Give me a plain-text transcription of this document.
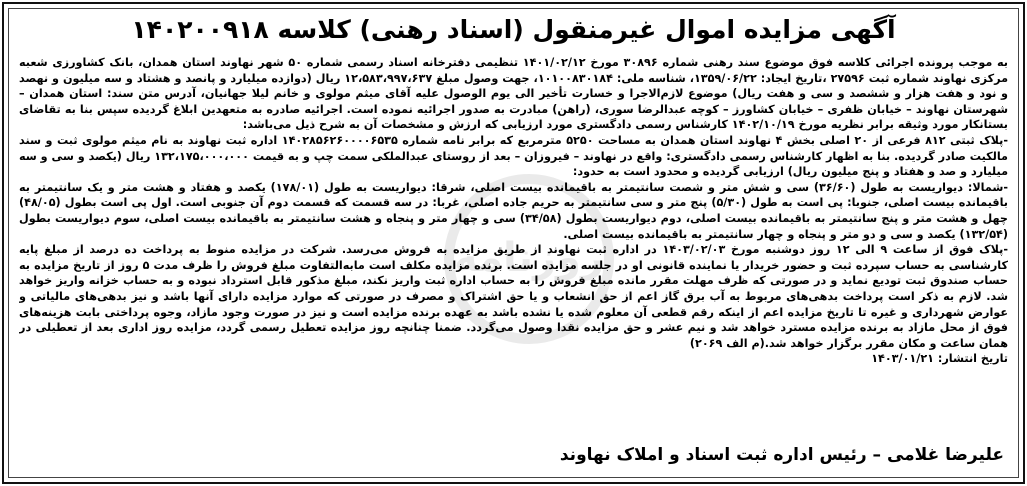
آگهی مزایده اموال غیرمنقول (اسناد رهنی) کلاسه ۱۴۰۲۰۰۹۱۸
روزنامه

به موجب پرونده اجرائی کلاسه فوق موضوع سند رهنی شماره ۳۰۸۹۶ مورخ ۱۴۰۱/۰۲/۱۲ تنظیمی دفترخانه اسناد رسمی شماره ۵۰ شهر نهاوند استان همدان، بانک کشاورزی شعبه مرکزی نهاوند شماره ثبت ۲۷۵۹۶ ،تاریخ ایجاد: ۱۳۵۹/۰۶/۲۲، شناسه ملی: ۱۰۱۰۰۸۳۰۱۸۴، جهت وصول مبلغ ۱۲،۵۸۳،۹۹۷،۶۳۷ ریال (دوازده میلیارد و پانصد و هشتاد و سه میلیون و نهصد و نود و هفت هزار و ششصد و سی و هفت ریال) موضوع لازم‌الاجرا و خسارت تأخیر الی یوم الوصول علیه آقای میثم مولوی و خانم لیلا جهانیان، آدرس متن سند: استان همدان – شهرستان نهاوند – خیابان ظفری – خیابان کشاورز – کوچه عبدالرضا سوری، (راهن) مبادرت به صدور اجرائیه نموده است. اجرائیه صادره به متعهدین ابلاغ گردیده سپس بنا به تقاضای بستانکار مورد وثیقه برابر نظریه مورخ ۱۴۰۲/۱۰/۱۹ کارشناس رسمی دادگستری مورد ارزیابی که ارزش و مشخصات آن به شرح ذیل می‌باشد:

-پلاک ثبتی ۸۱۲ فرعی از ۲۰ اصلی بخش ۴ نهاوند استان همدان به مساحت ۵۲۵۰ مترمربع که برابر نامه شماره ۱۴۰۲۸۵۶۲۶۰۰۰۰۶۵۳۵ اداره ثبت نهاوند به نام میثم مولوی ثبت و سند مالکیت صادر گردیده. بنا به اظهار کارشناس رسمی دادگستری: واقع در نهاوند – فیروزان – بعد از روستای عبدالملکی سمت چپ و به قیمت ۱۳۲،۱۷۵،۰۰۰،۰۰۰ ریال (یکصد و سی و سه میلیارد و صد و هفتاد و پنج میلیون ریال) ارزیابی گردیده و محدود است به حدود:

-شمالا: دیواریست به طول (۳۶/۶۰) سی و شش متر و شصت سانتیمتر به باقیمانده بیست اصلی، شرقا: دیواریست به طول (۱۷۸/۰۱) یکصد و هفتاد و هشت متر و یک سانتیمتر به باقیمانده بیست اصلی، جنوبا: پی است به طول (۵/۳۰) پنج متر و سی سانتیمتر به حریم جاده اصلی، غربا: در سه قسمت که قسمت دوم آن جنوبی است. اول پی است بطول (۴۸/۰۵) چهل و هشت متر و پنج سانتیمتر به باقیمانده بیست اصلی، دوم دیواریست بطول (۳۴/۵۸) سی و چهار متر و پنجاه و هشت سانتیمتر به باقیمانده بیست اصلی، سوم دیواریست بطول (۱۳۲/۵۴) یکصد و سی و دو متر و پنجاه و چهار سانتیمتر به باقیمانده بیست اصلی.

-پلاک فوق از ساعت ۹ الی ۱۲ روز دوشنبه مورخ ۱۴۰۳/۰۲/۰۳ در اداره ثبت نهاوند از طریق مزایده به فروش می‌رسد. شرکت در مزایده منوط به پرداخت ده درصد از مبلغ پایه کارشناسی به حساب سپرده ثبت و حضور خریدار یا نماینده قانونی او در جلسه مزایده است. برنده مزایده مکلف است مابه‌التفاوت مبلغ فروش را ظرف مدت ۵ روز از تاریخ مزایده به حساب صندوق ثبت تودیع نماید و در صورتی که ظرف مهلت مقرر مانده مبلغ فروش را به حساب اداره ثبت واریز نکند، مبلغ مذکور قابل استرداد نبوده و به حساب خزانه واریز خواهد شد. لازم به ذکر است پرداخت بدهی‌های مربوط به آب برق گاز اعم از حق انشعاب و یا حق اشتراک و مصرف در صورتی که موارد مزایده دارای آنها باشد و نیز بدهی‌های مالیاتی و عوارض شهرداری و غیره تا تاریخ مزایده اعم از اینکه رقم قطعی آن معلوم شده یا نشده باشد به عهده برنده مزایده است و نیز در صورت وجود مازاد، وجوه پرداختی بابت هزینه‌های فوق از محل مازاد به برنده مزایده مسترد خواهد شد و نیم عشر و حق مزایده نقدا وصول می‌گردد. ضمنا چنانچه روز مزایده تعطیل رسمی گردد، مزایده روز اداری بعد از تعطیلی در همان ساعت و مکان مقرر برگزار خواهد شد.(م الف ۲۰۶۹)

تاریخ انتشار: ۱۴۰۳/۰۱/۲۱

علیرضا غلامی – رئیس اداره ثبت اسناد و املاک نهاوند
